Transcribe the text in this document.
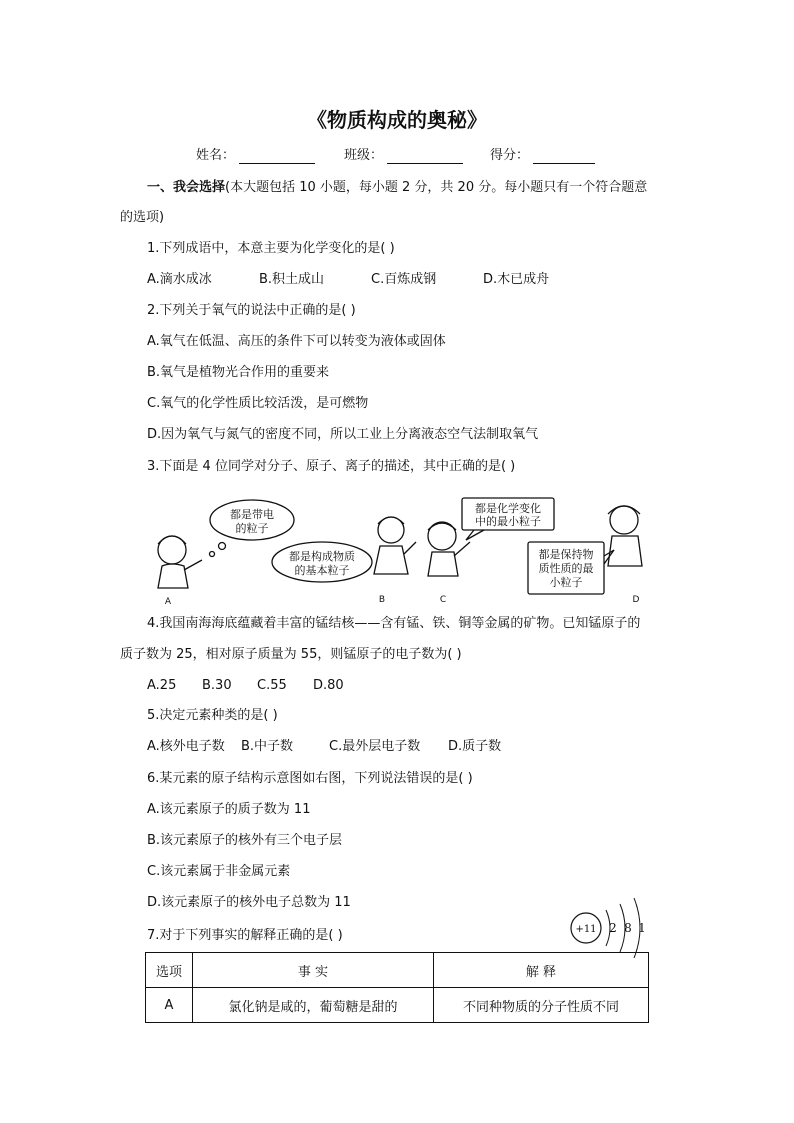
《物质构成的奥秘》
姓名：	班级：	得分：
一、我会选择(本大题包括 10 小题，每小题 2 分，共 20 分。每小题只有一个符合题意
的选项)
1.下列成语中，本意主要为化学变化的是( )
A.滴水成冰	B.积土成山	C.百炼成钢	D.木已成舟
2.下列关于氧气的说法中正确的是( )
A.氧气在低温、高压的条件下可以转变为液体或固体
B.氧气是植物光合作用的重要来
C.氧气的化学性质比较活泼，是可燃物
D.因为氧气与氮气的密度不同，所以工业上分离液态空气法制取氧气
3.下面是 4 位同学对分子、原子、离子的描述，其中正确的是( )
都是带电
的粒子
都是构成物质
的基本粒子
都是化学变化
中的最小粒子
都是保持物
质性质的最
小粒子
A	B	C	D
4.我国南海海底蕴藏着丰富的锰结核——含有锰、铁、铜等金属的矿物。已知锰原子的
质子数为 25，相对原子质量为 55，则锰原子的电子数为( )
A.25 B.30 C.55 D.80
5.决定元素种类的是( )
A.核外电子数 B.中子数	C.最外层电子数 D.质子数
6.某元素的原子结构示意图如右图，下列说法错误的是( )
A.该元素原子的质子数为 11
B.该元素原子的核外有三个电子层
C.该元素属于非金属元素
D.该元素原子的核外电子总数为 11
+11 2 8 1
7.对于下列事实的解释正确的是( )
选项	事 实	解 释
A	氯化钠是咸的，葡萄糖是甜的	不同种物质的分子性质不同
